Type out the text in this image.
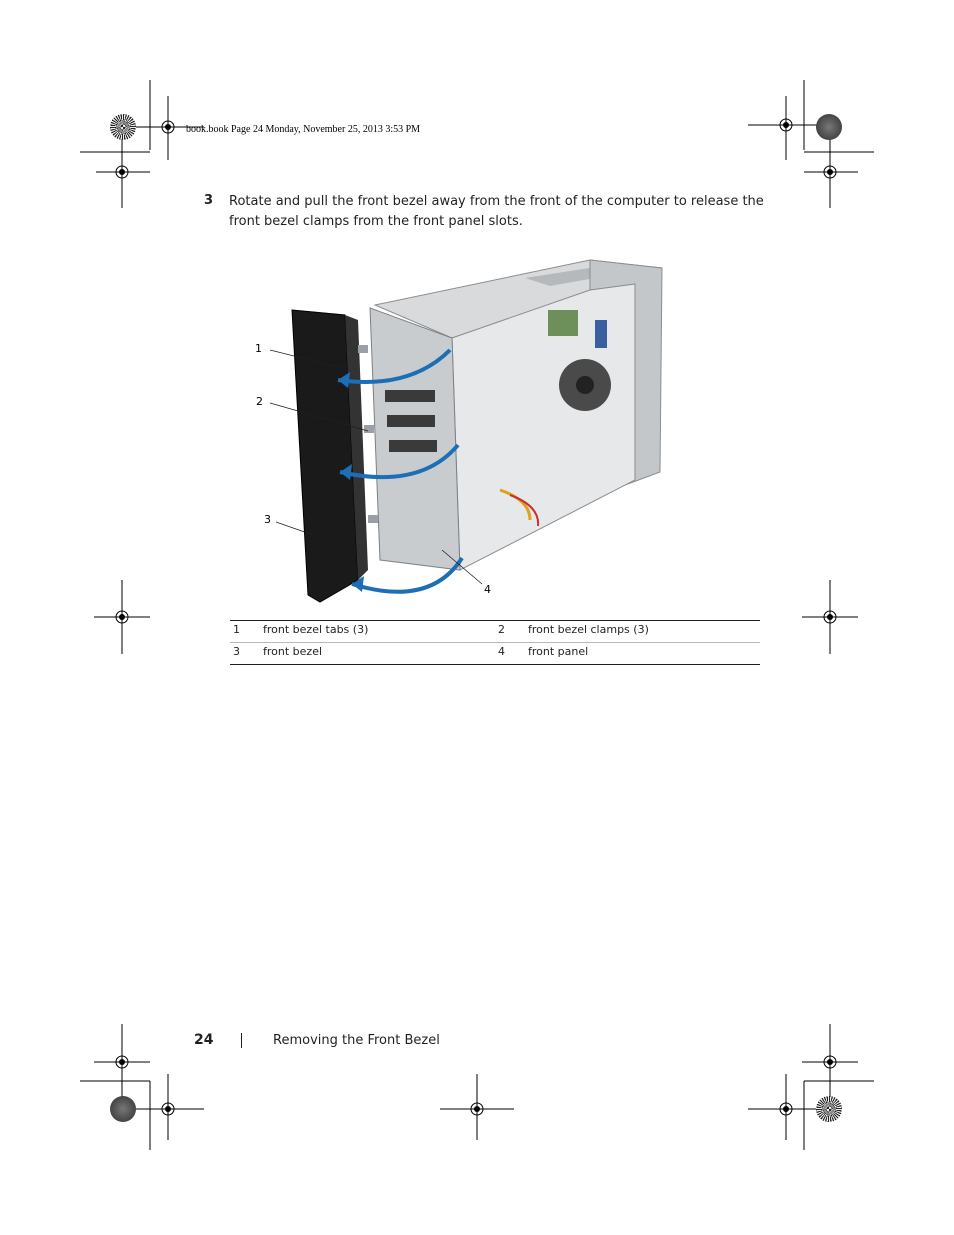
book.book Page 24 Monday, November 25, 2013 3:53 PM
3 Rotate and pull the front bezel away from the front of the computer to release the front bezel clamps from the front panel slots.
1
2
3
4
1 front bezel tabs (3)	2 front bezel clamps (3)
3 front bezel	4 front panel
24	Removing the Front Bezel
